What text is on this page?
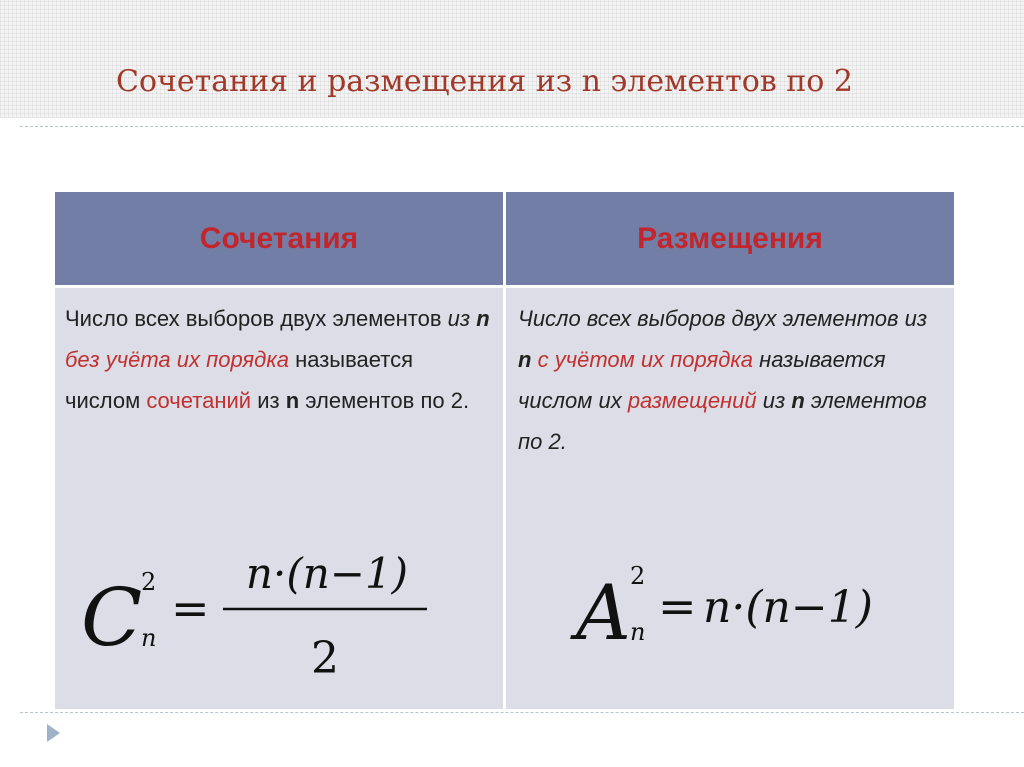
Сочетания и размещения из n элементов по 2
Сочетания	Размещения

Число всех выборов двух элементов из n без учёта их порядка называется числом сочетаний из n элементов по 2.

C
2
n
=
n·(n−1)
2

Число всех выборов двух элементов из n с учётом их порядка называется числом их размещений из n элементов по 2.

A 2
n = n·(n−1)
